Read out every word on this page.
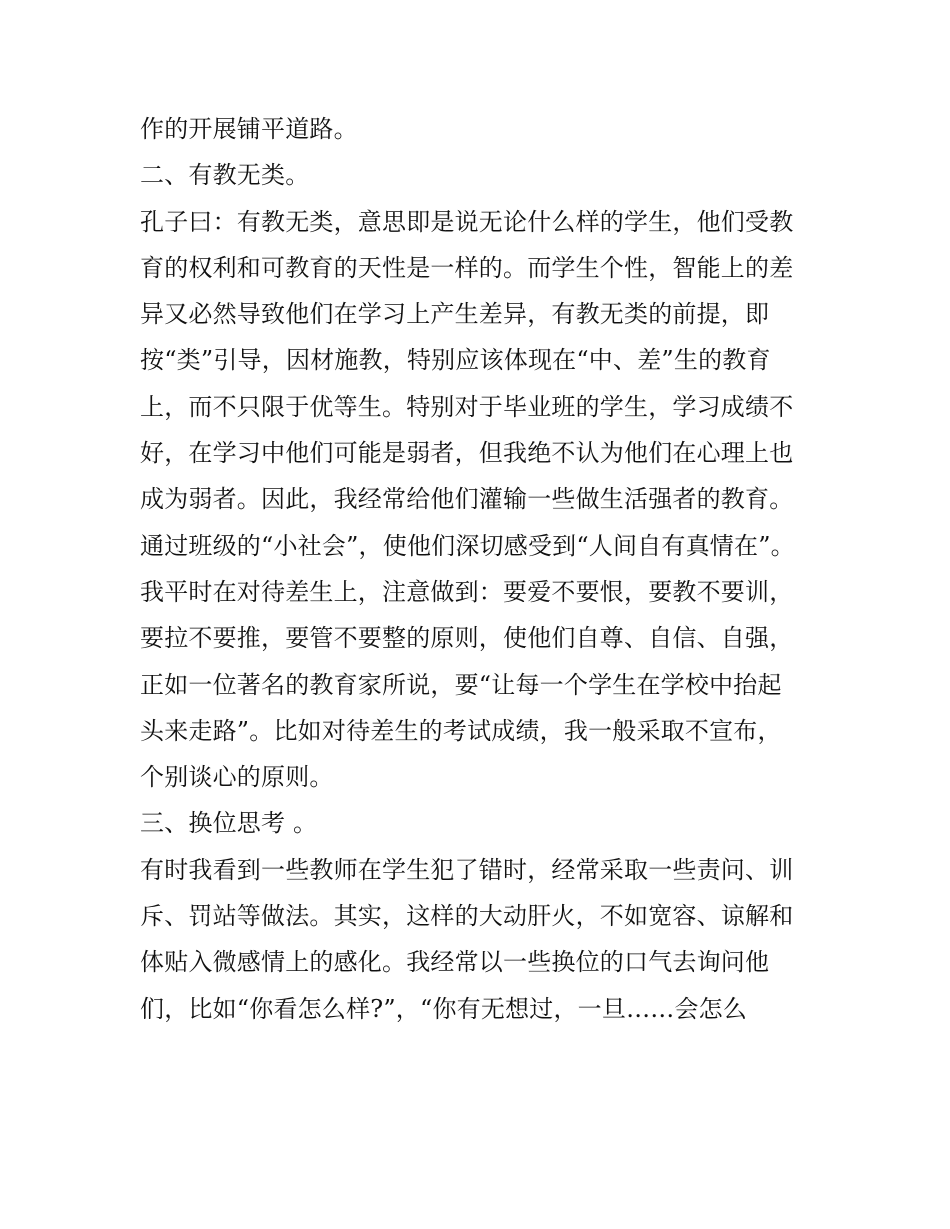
作的开展铺平道路。
二、有教无类。
孔子曰：有教无类，意思即是说无论什么样的学生，他们受教
育的权利和可教育的天性是一样的。而学生个性，智能上的差
异又必然导致他们在学习上产生差异，有教无类的前提，即
按“类”引导，因材施教，特别应该体现在“中、差”生的教育
上，而不只限于优等生。特别对于毕业班的学生，学习成绩不
好，在学习中他们可能是弱者，但我绝不认为他们在心理上也
成为弱者。因此，我经常给他们灌输一些做生活强者的教育。
通过班级的“小社会”，使他们深切感受到“人间自有真情在”。
我平时在对待差生上，注意做到：要爱不要恨，要教不要训，
要拉不要推，要管不要整的原则，使他们自尊、自信、自强，
正如一位著名的教育家所说，要“让每一个学生在学校中抬起
头来走路”。比如对待差生的考试成绩，我一般采取不宣布，
个别谈心的原则。
三、换位思考 。
有时我看到一些教师在学生犯了错时，经常采取一些责问、训
斥、罚站等做法。其实，这样的大动肝火，不如宽容、谅解和
体贴入微感情上的感化。我经常以一些换位的口气去询问他
们，比如“你看怎么样?”，“你有无想过，一旦……会怎么
